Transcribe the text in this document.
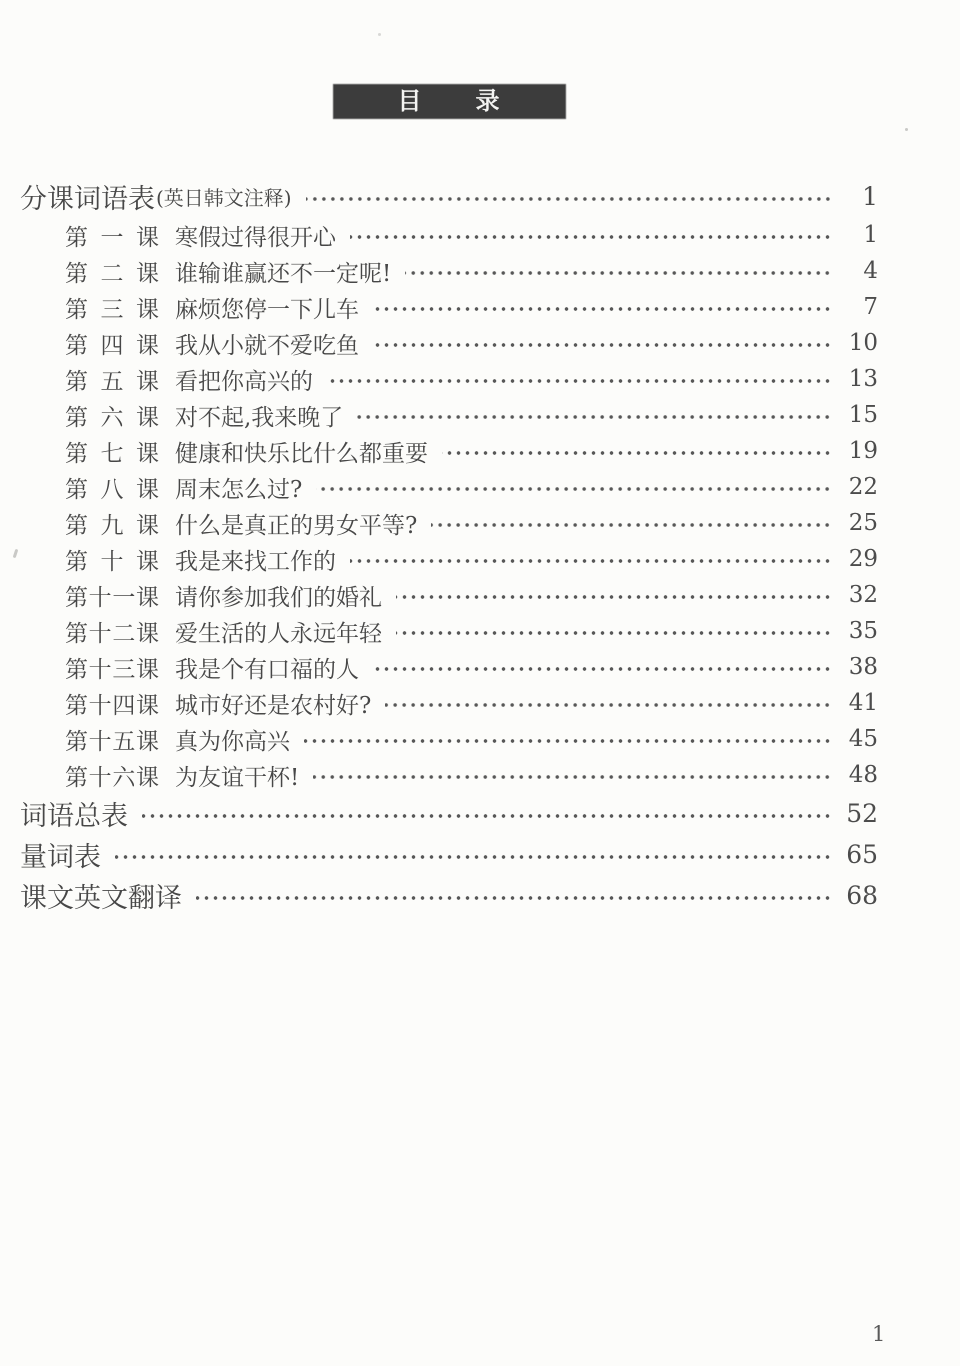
目　　录
分课词语表 (英日韩文注释)	1
第 一 课 寒假过得很开心	1
第 二 课 谁输谁赢还不一定呢!	4
第 三 课 麻烦您停一下儿车	7
第 四 课 我从小就不爱吃鱼	10
第 五 课 看把你高兴的	13
第 六 课 对不起,我来晚了	15
第 七 课 健康和快乐比什么都重要	19
第 八 课 周末怎么过?	22
第 九 课 什么是真正的男女平等?	25
第 十 课 我是来找工作的	29
第十一课 请你参加我们的婚礼	32
第十二课 爱生活的人永远年轻	35
第十三课 我是个有口福的人	38
第十四课 城市好还是农村好?	41
第十五课 真为你高兴	45
第十六课 为友谊干杯!	48
词语总表	52
量词表	65
课文英文翻译	68
1
